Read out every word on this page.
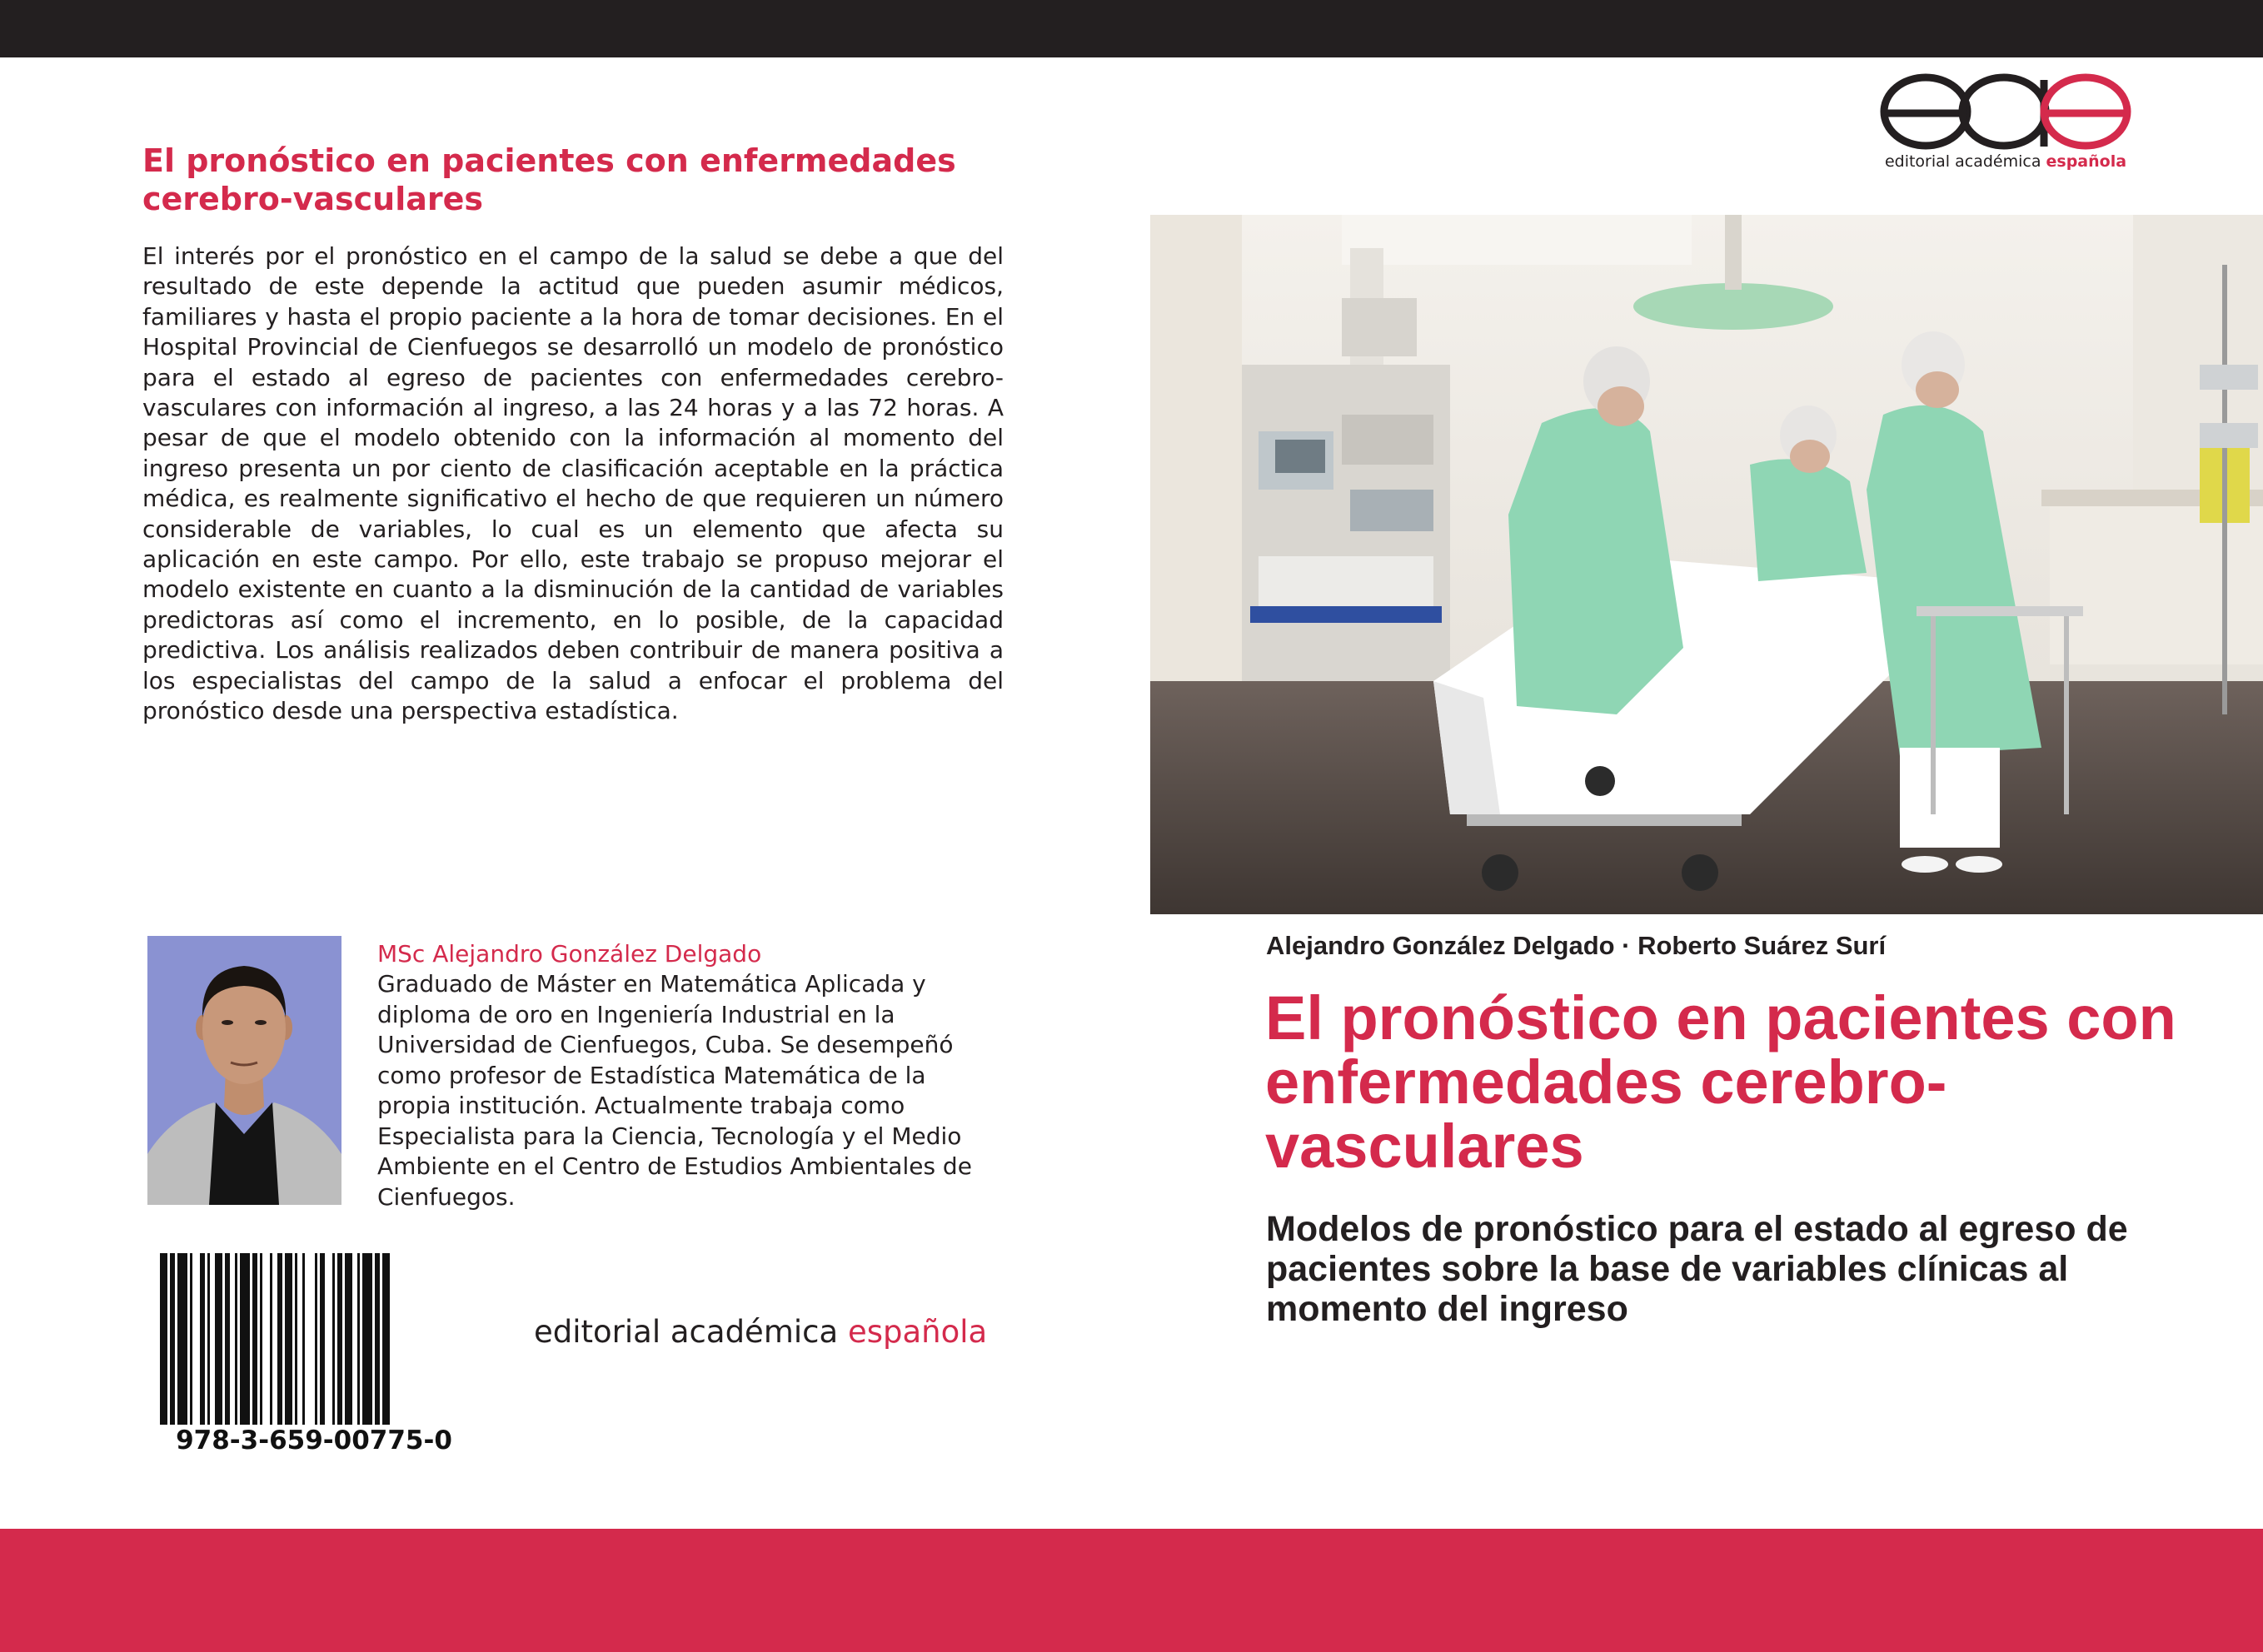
El pronóstico en pacientes con enfermedades cerebro-vasculares

El interés por el pronóstico en el campo de la salud se debe a que del resultado de este depende la actitud que pueden asumir médicos, familiares y hasta el propio paciente a la hora de tomar decisiones. En el Hospital Provincial de Cienfuegos se desarrolló un modelo de pronóstico para el estado al egreso de pacientes con enfermedades cerebro-vasculares con información al ingreso, a las 24 horas y a las 72 horas. A pesar de que el modelo obtenido con la información al momento del ingreso presenta un por ciento de clasificación aceptable en la práctica médica, es realmente significativo el hecho de que requieren un número considerable de variables, lo cual es un elemento que afecta su aplicación en este campo. Por ello, este trabajo se propuso mejorar el modelo existente en cuanto a la disminución de la cantidad de variables predictoras así como el incremento, en lo posible, de la capacidad predictiva. Los análisis realizados deben contribuir de manera positiva a los especialistas del campo de la salud a enfocar el problema del pronóstico desde una perspectiva estadística.

MSc Alejandro González Delgado

Graduado de Máster en Matemática Aplicada y diploma de oro en Ingeniería Industrial en la Universidad de Cienfuegos, Cuba. Se desempeñó como profesor de Estadística Matemática de la propia institución. Actualmente trabaja como Especialista para la Ciencia, Tecnología y el Medio Ambiente en el Centro de Estudios Ambientales de Cienfuegos.

978-3-659-00775-0
editorial académica española
editorial académica española
Alejandro González Delgado · Roberto Suárez Surí
El pronóstico en pacientes con enfermedades cerebro-vasculares

Modelos de pronóstico para el estado al egreso de pacientes sobre la base de variables clínicas al momento del ingreso
